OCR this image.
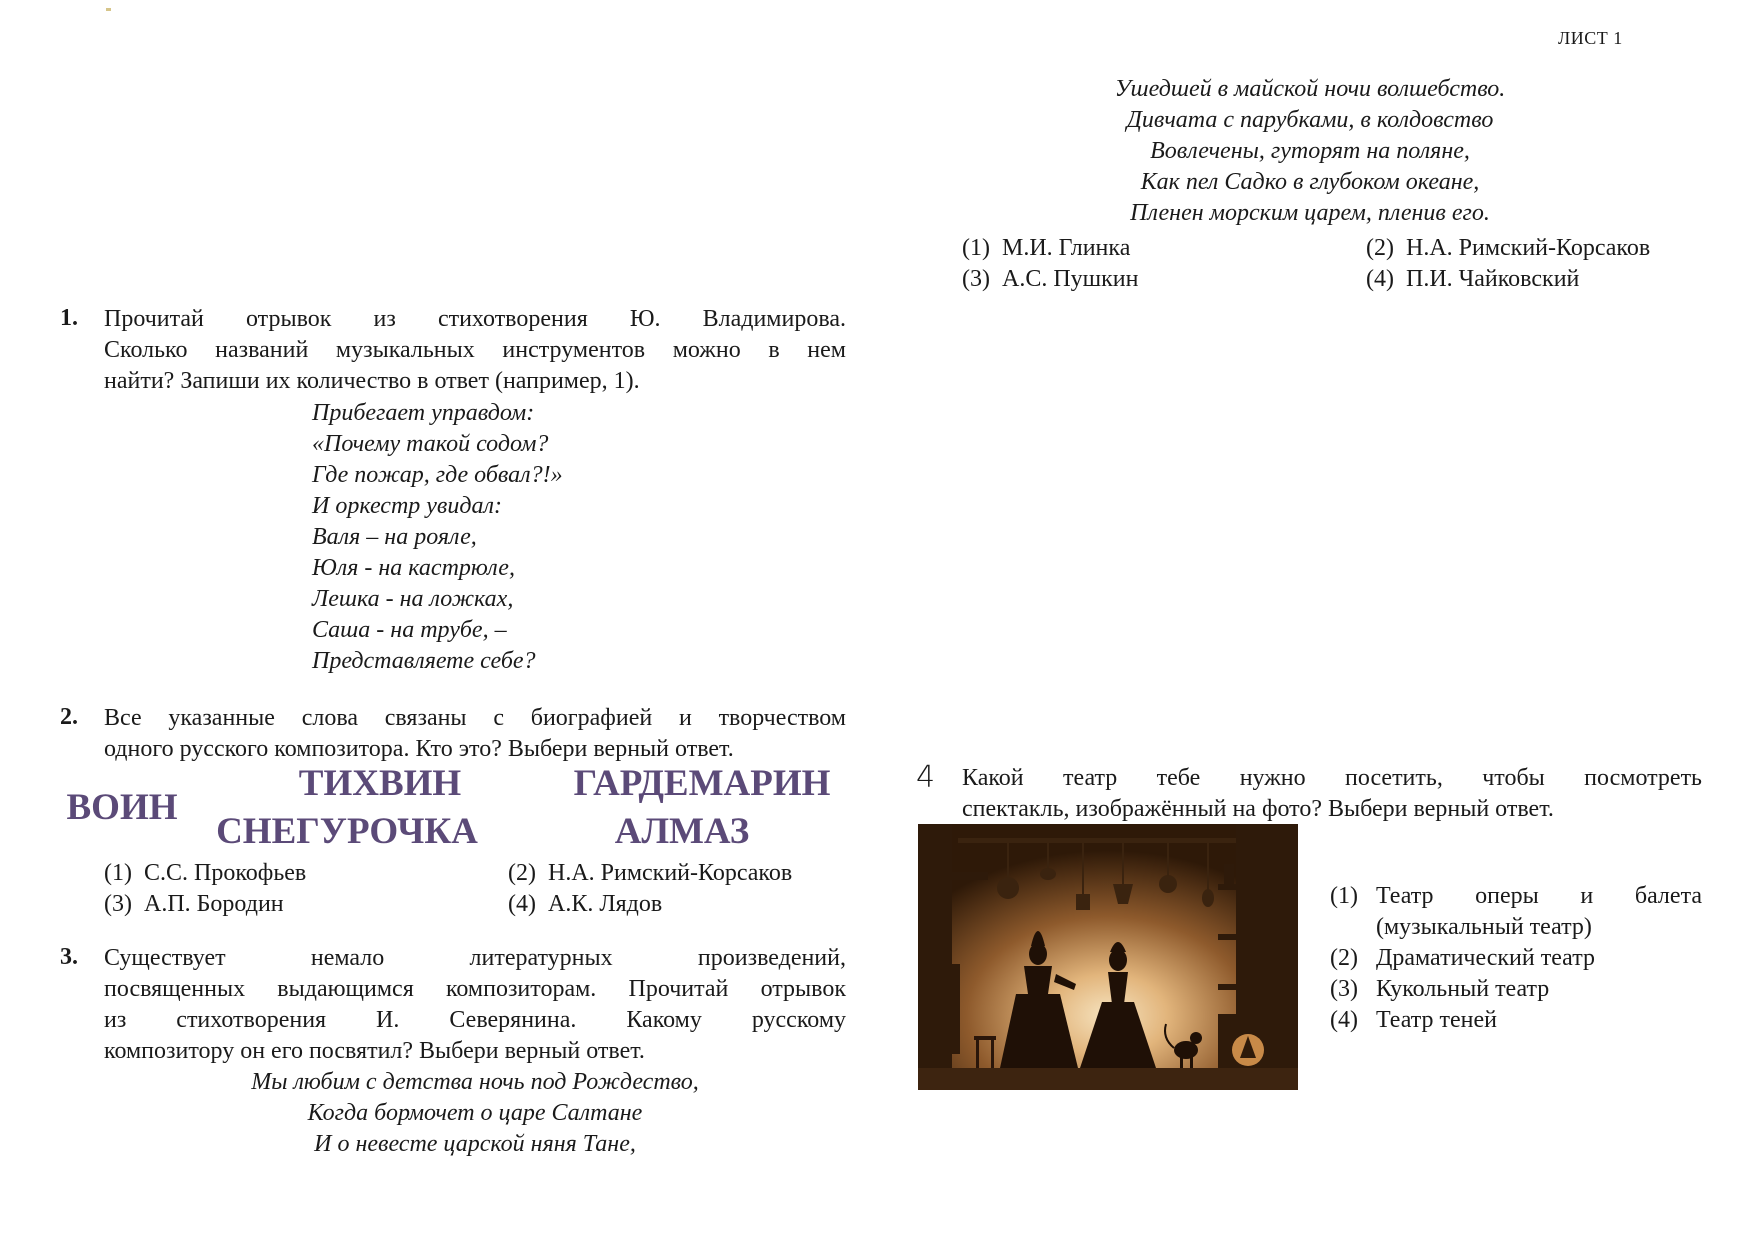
ЛИСТ 1
1. Прочитай отрывок из стихотворения Ю. Владимирова.
Сколько названий музыкальных инструментов можно в нем
найти? Запиши их количество в ответ (например, 1).
Прибегает управдом:
«Почему такой содом?
Где пожар, где обвал?!»
И оркестр увидал:
Валя – на рояле,
Юля - на кастрюле,
Лешка - на ложках,
Саша - на трубе, –
Представляете себе?
2. Все указанные слова связаны с биографией и творчеством
одного русского композитора. Кто это? Выбери верный ответ.
ВОИН
ТИХВИН	ГАРДЕМАРИН
СНЕГУРОЧКА	АЛМАЗ
(1) С.С. Прокофьев	(2) Н.А. Римский-Корсаков
(3) А.П. Бородин	(4) А.К. Лядов
3. Существует немало литературных произведений,
посвященных выдающимся композиторам. Прочитай отрывок
из стихотворения И. Северянина. Какому русскому
композитору он его посвятил? Выбери верный ответ.
Мы любим с детства ночь под Рождество,
Когда бормочет о царе Салтане
И о невесте царской няня Тане,
Ушедшей в майской ночи волшебство.
Дивчата с парубками, в колдовство
Вовлечены, гуторят на поляне,
Как пел Садко в глубоком океане,
Пленен морским царем, пленив его.
(1) М.И. Глинка	(2) Н.А. Римский-Корсаков
(3) А.С. Пушкин	(4) П.И. Чайковский
4 Какой театр тебе нужно посетить, чтобы посмотреть
спектакль, изображённый на фото? Выбери верный ответ.
(1) Театр оперы и балета
(музыкальный театр)
(2) Драматический театр
(3) Кукольный театр
(4) Театр теней
